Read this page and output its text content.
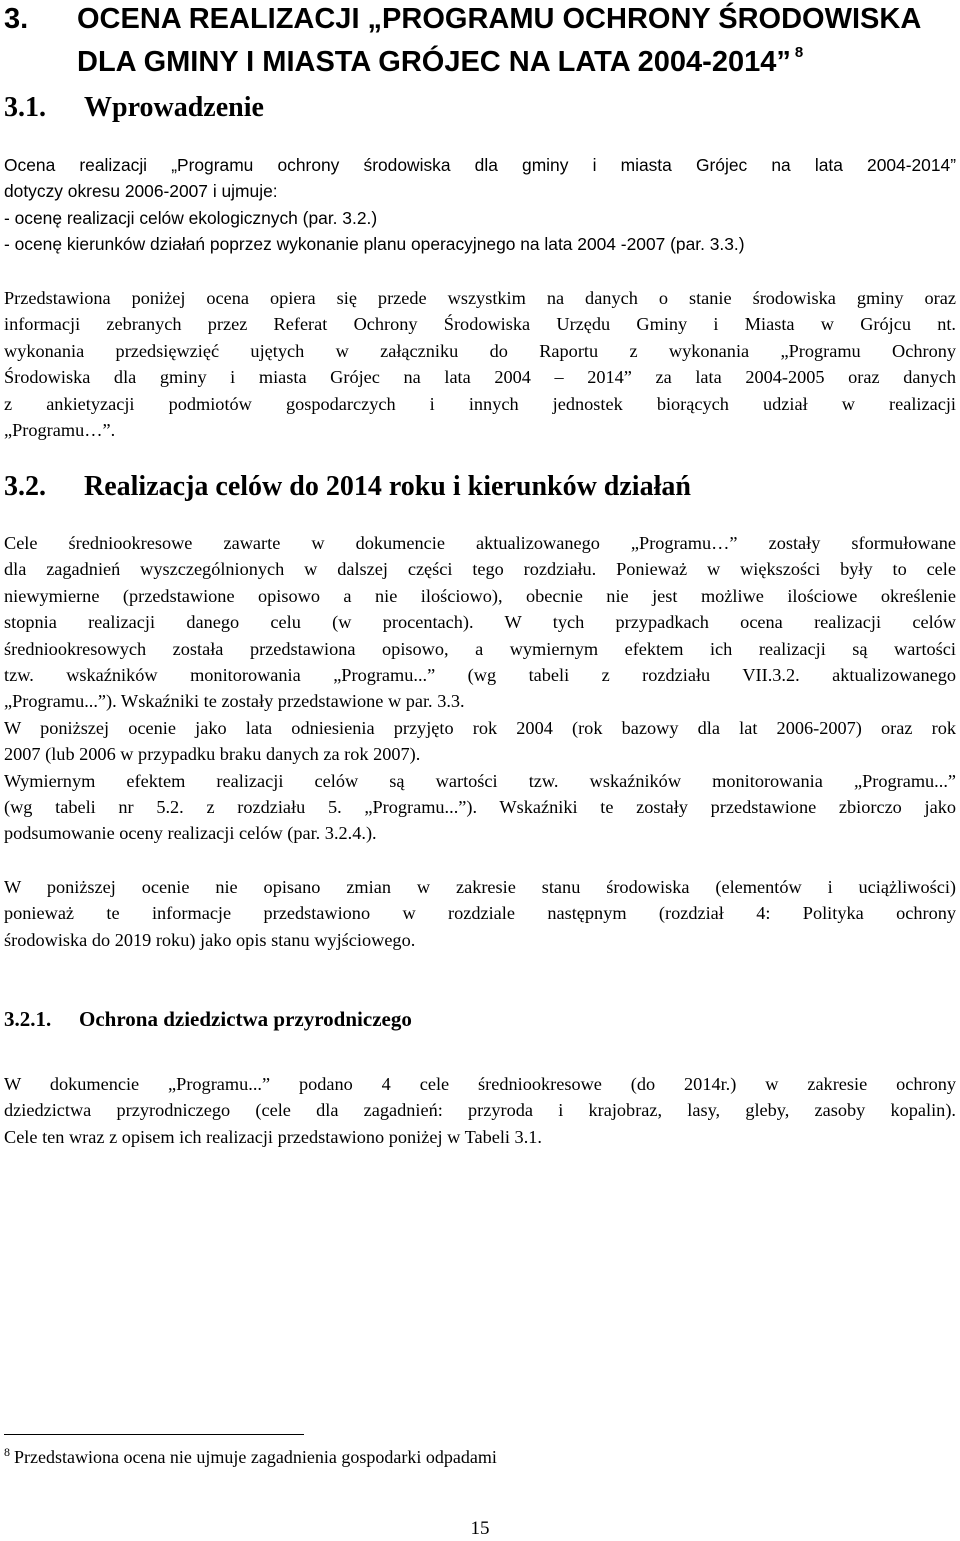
3. OCENA REALIZACJI „PROGRAMU OCHRONY ŚRODOWISKA
DLA GMINY I MIASTA GRÓJEC NA LATA 2004-2014” $^8$
3.1. Wprowadzenie
Ocena realizacji „Programu ochrony środowiska dla gminy i miasta Grójec na lata 2004-2014”
dotyczy okresu 2006-2007 i ujmuje:
- ocenę realizacji celów ekologicznych (par. 3.2.)
- ocenę kierunków działań poprzez wykonanie planu operacyjnego na lata 2004 -2007 (par. 3.3.)
Przedstawiona poniżej ocena opiera się przede wszystkim na danych o stanie środowiska gminy oraz
informacji zebranych przez Referat Ochrony Środowiska Urzędu Gminy i Miasta w Grójcu nt.
wykonania przedsięwzięć ujętych w załączniku do Raportu z wykonania „Programu Ochrony
Środowiska dla gminy i miasta Grójec na lata 2004 – 2014” za lata 2004-2005 oraz danych
z ankietyzacji podmiotów gospodarczych i innych jednostek biorących udział w realizacji
„Programu…”.
3.2. Realizacja celów do 2014 roku i kierunków działań
Cele średniookresowe zawarte w dokumencie aktualizowanego „Programu…” zostały sformułowane
dla zagadnień wyszczególnionych w dalszej części tego rozdziału. Ponieważ w większości były to cele
niewymierne (przedstawione opisowo a nie ilościowo), obecnie nie jest możliwe ilościowe określenie
stopnia realizacji danego celu (w procentach). W tych przypadkach ocena realizacji celów
średniookresowych została przedstawiona opisowo, a wymiernym efektem ich realizacji są wartości
tzw. wskaźników monitorowania „Programu...” (wg tabeli z rozdziału VII.3.2. aktualizowanego
„Programu...”). Wskaźniki te zostały przedstawione w par. 3.3.
W poniższej ocenie jako lata odniesienia przyjęto rok 2004 (rok bazowy dla lat 2006-2007) oraz rok
2007 (lub 2006 w przypadku braku danych za rok 2007).
Wymiernym efektem realizacji celów są wartości tzw. wskaźników monitorowania „Programu...”
(wg tabeli nr 5.2. z rozdziału 5. „Programu...”). Wskaźniki te zostały przedstawione zbiorczo jako
podsumowanie oceny realizacji celów (par. 3.2.4.).
W poniższej ocenie nie opisano zmian w zakresie stanu środowiska (elementów i uciążliwości)
ponieważ te informacje przedstawiono w rozdziale następnym (rozdział 4: Polityka ochrony
środowiska do 2019 roku) jako opis stanu wyjściowego.
3.2.1. Ochrona dziedzictwa przyrodniczego
W dokumencie „Programu...” podano 4 cele średniookresowe (do 2014r.) w zakresie ochrony
dziedzictwa przyrodniczego (cele dla zagadnień: przyroda i krajobraz, lasy, gleby, zasoby kopalin).
Cele ten wraz z opisem ich realizacji przedstawiono poniżej w Tabeli 3.1.
$^8$ Przedstawiona ocena nie ujmuje zagadnienia gospodarki odpadami
15
